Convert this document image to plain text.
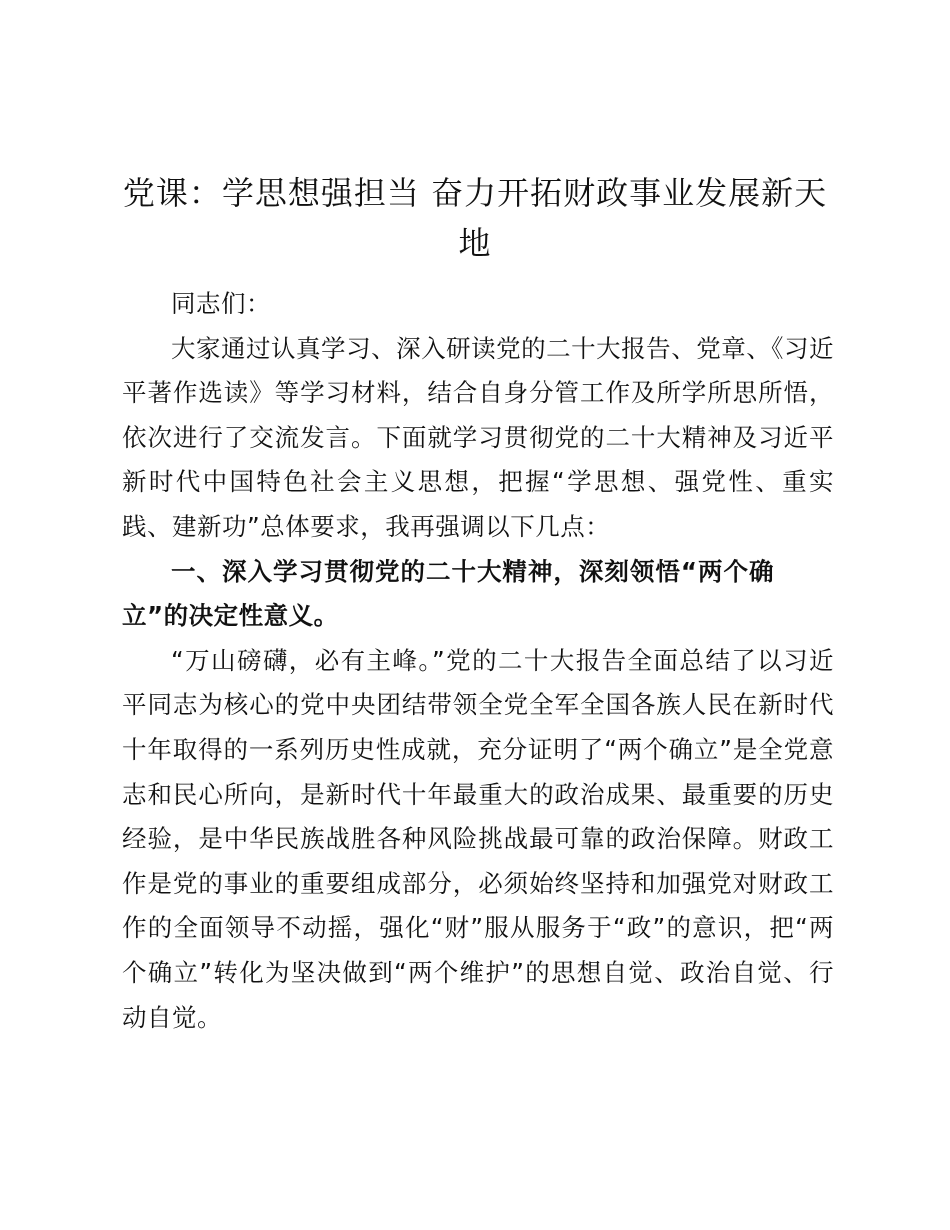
党课：学思想强担当 奋力开拓财政事业发展新天地

同志们：

大家通过认真学习、深入研读党的二十大报告、党章、《习近平著作选读》等学习材料，结合自身分管工作及所学所思所悟，依次进行了交流发言。下面就学习贯彻党的二十大精神及习近平新时代中国特色社会主义思想，把握“学思想、强党性、重实践、建新功”总体要求，我再强调以下几点：

一、深入学习贯彻党的二十大精神，深刻领悟“两个确立”的决定性意义。

“万山磅礴，必有主峰。”党的二十大报告全面总结了以习近平同志为核心的党中央团结带领全党全军全国各族人民在新时代十年取得的一系列历史性成就，充分证明了“两个确立”是全党意志和民心所向，是新时代十年最重大的政治成果、最重要的历史经验，是中华民族战胜各种风险挑战最可靠的政治保障。财政工作是党的事业的重要组成部分，必须始终坚持和加强党对财政工作的全面领导不动摇，强化“财”服从服务于“政”的意识，把“两个确立”转化为坚决做到“两个维护”的思想自觉、政治自觉、行动自觉。
